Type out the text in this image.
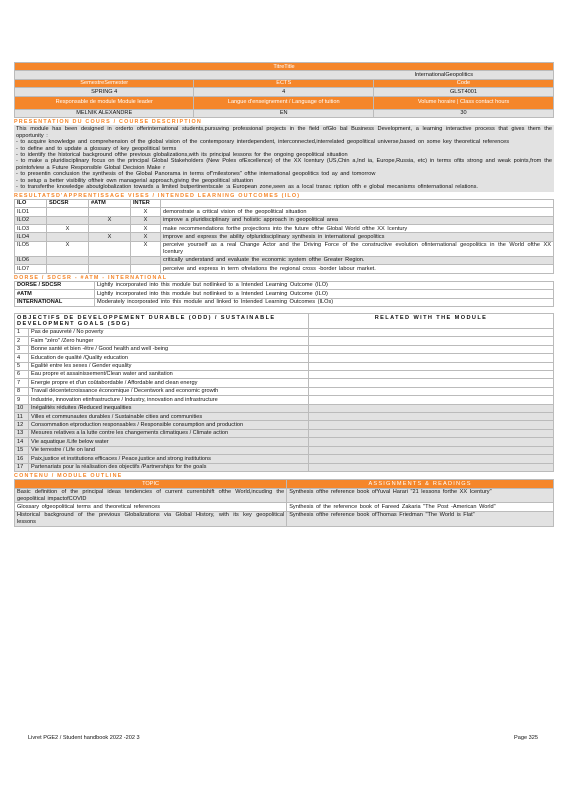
TitreTitle		
InternationalGeopolitics		
SemestreSemester	ECTS	Code
SPRING 4	4	GLST4001
Responsable de module Module leader	Langue d'enseignement / Language of tuition	Volume horaire | Class contact hours
MELNIK ALEXANDRE	EN	30
PRESENTATION DU COURS / COURSE DESCRIPTION

This module has been designed in orderto offerinternational students,pursuving professional projects in the field ofGlo bal Business Development, a learning interactive process that gives them the opportunity :

- to acquire knowledge and comprehension of the global vision of the contemporary interdependent, interconnected,interrelated geopolitical universe,based on some key theoretical references

- to define and to update a glossary of key geopolitical terms

- to identify the historical background ofthe previous globalizations,with its principal lessons for the ongoing geopolitical situation

- to make a pluridisciplinary focus on the principal Global Stakeholders (New Poles ofExcellence) of the XX Icentury (US,Chin a,Ind ia, Europe,Russia, etc) in terms ofits strong and weak points,from the pointofview a Future Responsible Global Decision Make r

- to presentin conclusion the synthesis of the Global Panorama in terms of"milestones" ofthe international geopolitics tod ay and tomorrow

- to setup a better visibility oftheir own managerial approach,giving the geopolitical situation

- to transferthe knowledge aboutglobalization towards a limited butpertinentscale :a European zone,seen as a local transc ription ofth e global mecanisms ofinternational relations.

RESULTATSD'APPRENTISSAGE VISES / INTENDED LEARNING OUTCOMES (ILO)
ILO	SDCSR	#ATM	INTER	
ILO1			X	demonstrate a critical vision of the geopolitical situation
ILO2		X	X	improve a pluridisciplinary and holistic approach in geopolitical area
ILO3	X		X	make recommendations forthe projections into the future ofthe Global World ofthe XX Icentury
ILO4		X	X	improve and express the ability ofpluridisciplinary synthesis in international geopolitics
ILO5	X		X	perceive yourself as a real Change Actor and the Driving Force of the constructive evolution ofinternational geopolitics in the World ofthe XX Icentury
ILO6				critically understand and evaluate the economic system ofthe Greater Region.
ILO7				perceive and express in term ofrelations the regional cross -border labour market.
DORSE / SDCSR - #ATM - INTERNATIONAL
DORSE / SDCSR	Lightly incorporated into this module but notlinked to a Intended Learning Outcome (ILO)
#ATM	Lightly incorporated into this module but notlinked to a Intended Learning Outcome (ILO)
INTERNATIONAL	Moderately incorporated into this module and linked to Intended Learning Outcomes (ILOs)
OBJECTIFS DE DEVELOPPEMENT DURABLE (ODD) / SUSTAINABLE DEVELOPMENT GOALS (SDG)		RELATED WITH THE MODULE
1	Pas de pauvreté / No poverty	
2	Faim "zéro" /Zero hunger	
3	Bonne santé et bien -être / Good health and well -being	
4	Education de qualité /Quality education	
5	Egalité entre les sexes / Gender equality	
6	Eau propre et assainissement/Clean water and sanitation	
7	Energie propre et d'un coûtabordable / Affordable and clean energy	
8	Travail décentetcroissance économique / Decentwork and economic growth	
9	Industrie, innovation etinfrastructure / Industry, innovation and infrastructure	
10	Inégalités réduites /Reduced inequalities	
11	Villes et communautes durables / Sustainable cities and communities	
12	Consommation etproduction responsables / Responsible consumption and production	
13	Mesures relatives a la lutte contre les changements climatiques / Climate action	
14	Vie aquatique /Life below water	
15	Vie terrestre / Life on land	
16	Paix,justice et institutions efficaces / Peace,justice and strong institutions	
17	Partenariats pour la réalisation des objectifs /Partnerships for the goals	
CONTENU / MODULE OUTLINE
TOPIC	ASSIGNMENTS & READINGS
Basic definition of the principal ideas tendencies of current currentshift ofthe World,incuding the geopolitical impactofCOVID	Synthesis ofthe reference book ofYuval Harari "21 lessons forthe XX Icentury"
Glossary ofgeopolitical terms and theoretical references	Synthesis of the reference book of Fareed Zakaria "The Post -American World"
Historical background of the previous Globalizations via Global History, with its key geopolitical lessons	Synthesis ofthe reference book ofThomas Friedman "The World is Flat"
Livret PGE2 / Student handbook 2022 -202 3	Page 325
